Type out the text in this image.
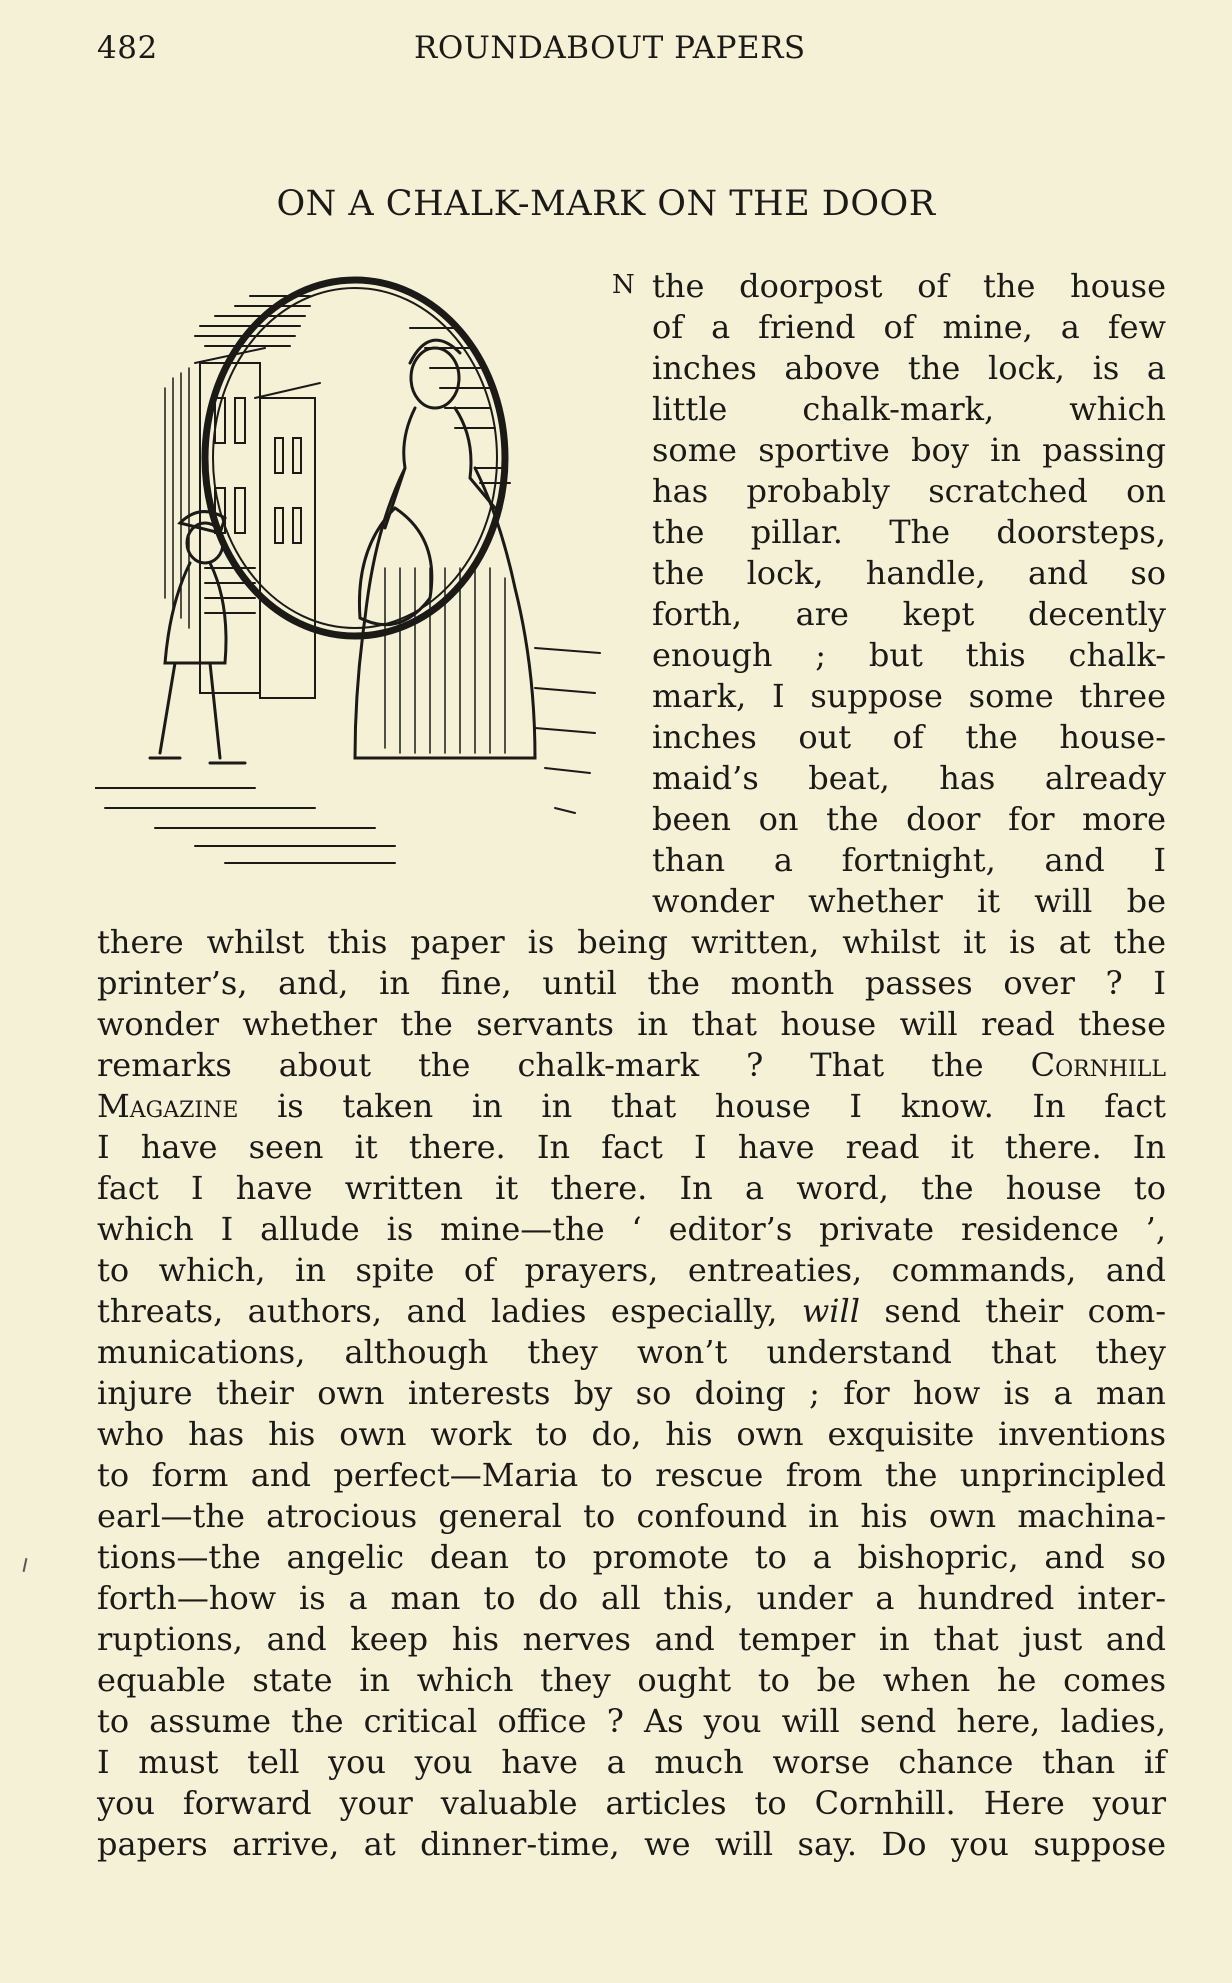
482	ROUNDABOUT PAPERS
ON A CHALK-MARK ON THE DOOR
N the doorpost of the house
of a friend of mine, a few
inches above the lock, is a
little chalk-mark, which
some sportive boy in passing
has probably scratched on
the pillar. The doorsteps,
the lock, handle, and so
forth, are kept decently
enough ; but this chalk-
mark, I suppose some three
inches out of the house-
maid’s beat, has already
been on the door for more
than a fortnight, and I
wonder whether it will be
there whilst this paper is being written, whilst it is at the
printer’s, and, in fine, until the month passes over ? I
wonder whether the servants in that house will read these
remarks about the chalk-mark ? That the Cornhill
Magazine is taken in in that house I know. In fact
I have seen it there. In fact I have read it there. In
fact I have written it there. In a word, the house to
which I allude is mine—the ‘ editor’s private residence ’,
to which, in spite of prayers, entreaties, commands, and
threats, authors, and ladies especially, will send their com-
munications, although they won’t understand that they
injure their own interests by so doing ; for how is a man
who has his own work to do, his own exquisite inventions
to form and perfect—Maria to rescue from the unprincipled
earl—the atrocious general to confound in his own machina-
tions—the angelic dean to promote to a bishopric, and so
forth—how is a man to do all this, under a hundred inter-
ruptions, and keep his nerves and temper in that just and
equable state in which they ought to be when he comes
to assume the critical office ? As you will send here, ladies,
I must tell you you have a much worse chance than if
you forward your valuable articles to Cornhill. Here your
papers arrive, at dinner-time, we will say. Do you suppose
